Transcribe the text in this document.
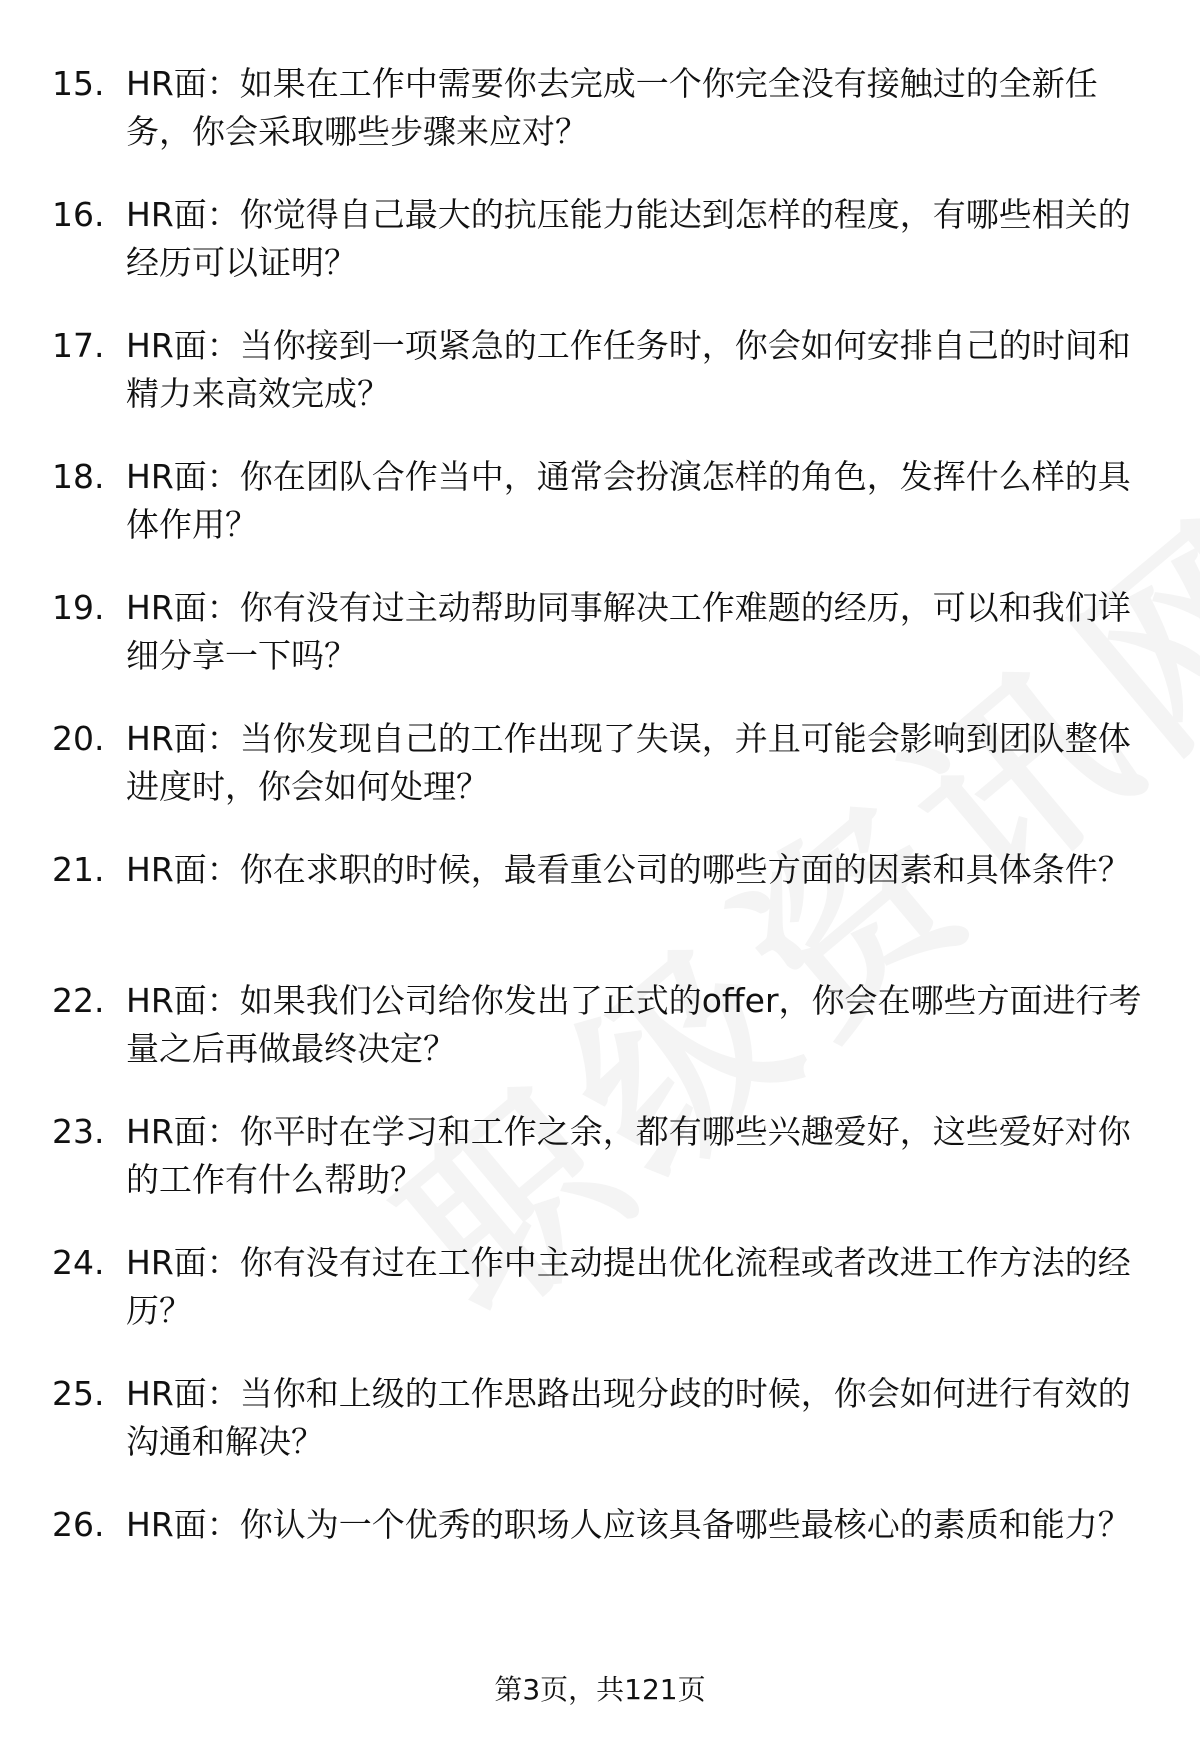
15. HR面：如果在工作中需要你去完成一个你完全没有接触过的全新任务，你会采取哪些步骤来应对？
16. HR面：你觉得自己最大的抗压能力能达到怎样的程度，有哪些相关的经历可以证明？
17. HR面：当你接到一项紧急的工作任务时，你会如何安排自己的时间和精力来高效完成？
18. HR面：你在团队合作当中，通常会扮演怎样的角色，发挥什么样的具体作用？
19. HR面：你有没有过主动帮助同事解决工作难题的经历，可以和我们详细分享一下吗？
20. HR面：当你发现自己的工作出现了失误，并且可能会影响到团队整体进度时，你会如何处理？
21. HR面：你在求职的时候，最看重公司的哪些方面的因素和具体条件？
22. HR面：如果我们公司给你发出了正式的offer，你会在哪些方面进行考量之后再做最终决定？
23. HR面：你平时在学习和工作之余，都有哪些兴趣爱好，这些爱好对你的工作有什么帮助？
24. HR面：你有没有过在工作中主动提出优化流程或者改进工作方法的经历？
25. HR面：当你和上级的工作思路出现分歧的时候，你会如何进行有效的沟通和解决？
26. HR面：你认为一个优秀的职场人应该具备哪些最核心的素质和能力？
第3页，共121页
